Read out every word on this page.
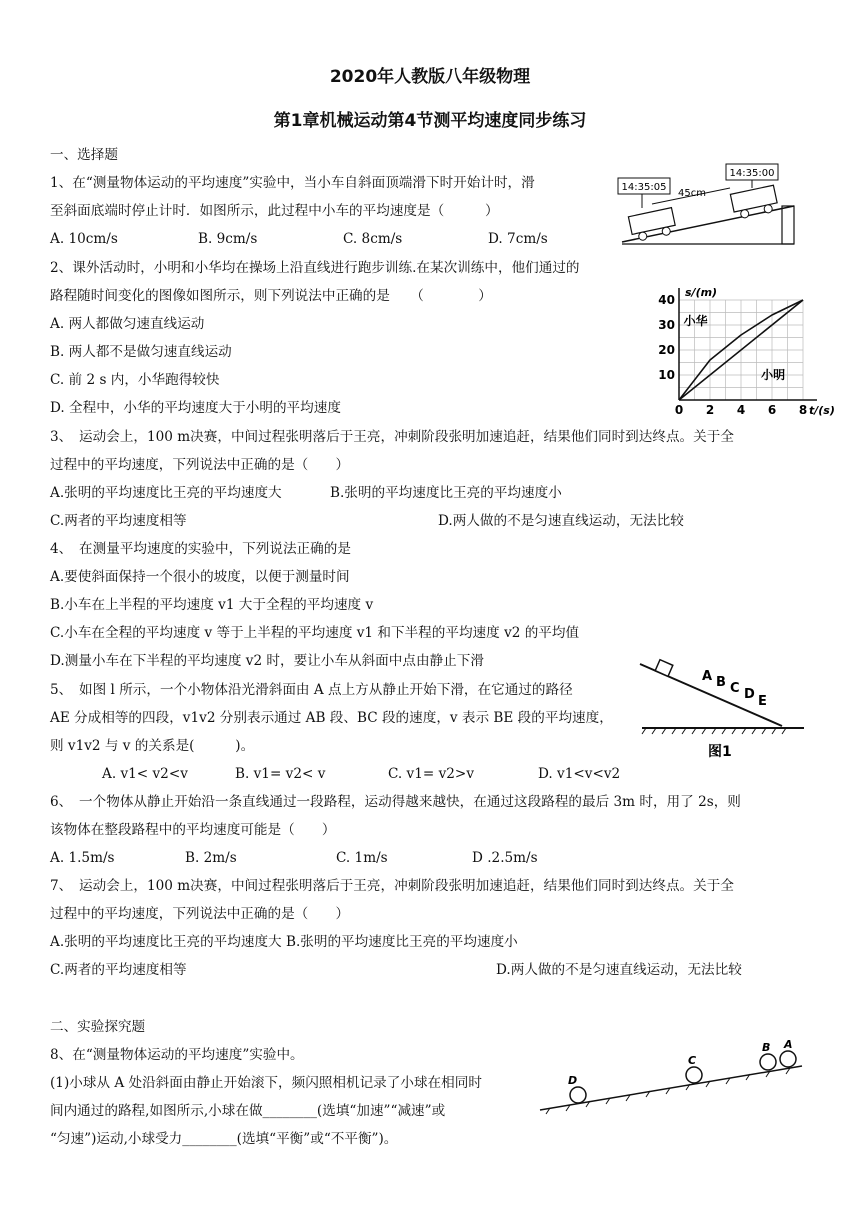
2020年人教版八年级物理
第1章机械运动第4节测平均速度同步练习
一、选择题
1、在“测量物体运动的平均速度”实验中，当小车自斜面顶端滑下时开始计时，滑
至斜面底端时停止计时．如图所示，此过程中小车的平均速度是（　　　）
A. 10cm/s	B. 9cm/s	C. 8cm/s	D. 7cm/s
14:35:00
14:35:05
45cm
2、课外活动时，小明和小华均在操场上沿直线进行跑步训练.在某次训练中，他们通过的
路程随时间变化的图像如图所示，则下列说法中正确的是　　（　　　　）
A. 两人都做匀速直线运动
B. 两人都不是做匀速直线运动
C. 前 2 s 内，小华跑得较快
D. 全程中，小华的平均速度大于小明的平均速度	0 2 4 6 8
10
20
30
40
s/(m)
t/(s)
小华
小明
3、　运动会上，100 m决赛，中间过程张明落后于王亮，冲刺阶段张明加速追赶，结果他们同时到达终点。关于全
过程中的平均速度，下列说法中正确的是（　　）
A.张明的平均速度比王亮的平均速度大	B.张明的平均速度比王亮的平均速度小
C.两者的平均速度相等	D.两人做的不是匀速直线运动，无法比较
4、　在测量平均速度的实验中，下列说法正确的是
A.要使斜面保持一个很小的坡度，以便于测量时间
B.小车在上半程的平均速度 v1 大于全程的平均速度 v
C.小车在全程的平均速度 v 等于上半程的平均速度 v1 和下半程的平均速度 v2 的平均值
D.测量小车在下半程的平均速度 v2 时，要让小车从斜面中点由静止下滑
5、　如图 l 所示，一个小物体沿光滑斜面由 A 点上方从静止开始下滑，在它通过的路径
AE 分成相等的四段，v1v2 分别表示通过 AB 段、BC 段的速度，v 表示 BE 段的平均速度，
则 v1v2 与 v 的关系是(　　　)。
A. v1< v2<v	B. v1= v2< v	C. v1= v2>v	D. v1<v<v2
A B C D E
图1
6、　一个物体从静止开始沿一条直线通过一段路程，运动得越来越快，在通过这段路程的最后 3m 时，用了 2s，则
该物体在整段路程中的平均速度可能是（　　）
A. 1.5m/s	B. 2m/s	C. 1m/s	D .2.5m/s
7、　运动会上，100 m决赛，中间过程张明落后于王亮，冲刺阶段张明加速追赶，结果他们同时到达终点。关于全
过程中的平均速度，下列说法中正确的是（　　）
A.张明的平均速度比王亮的平均速度大 B.张明的平均速度比王亮的平均速度小
C.两者的平均速度相等	D.两人做的不是匀速直线运动，无法比较
二、实验探究题
8、在“测量物体运动的平均速度”实验中。
(1)小球从 A 处沿斜面由静止开始滚下，频闪照相机记录了小球在相同时
间内通过的路程,如图所示,小球在做________(选填“加速”“减速”或
“匀速”)运动,小球受力________(选填“平衡”或“不平衡”)。
D
C
B A
